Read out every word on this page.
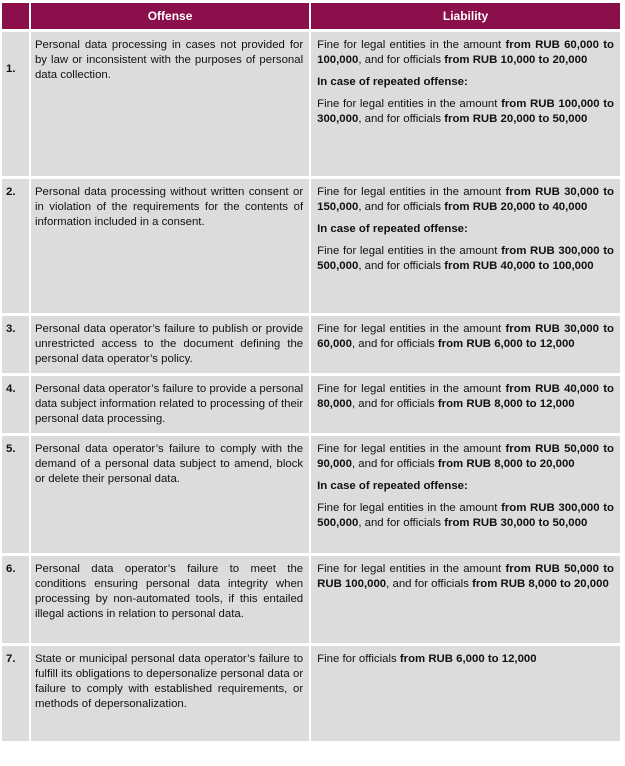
	Offense	Liability
1.	Personal data processing in cases not provided for by law or inconsistent with the purposes of personal data collection.	Fine for legal entities in the amount from RUB 60,000 to 100,000, and for officials from RUB 10,000 to 20,000
In case of repeated offense:
Fine for legal entities in the amount from RUB 100,000 to 300,000, and for officials from RUB 20,000 to 50,000

2.	Personal data processing without written consent or in violation of the requirements for the contents of information included in a consent.	Fine for legal entities in the amount from RUB 30,000 to 150,000, and for officials from RUB 20,000 to 40,000
In case of repeated offense:
Fine for legal entities in the amount from RUB 300,000 to 500,000, and for officials from RUB 40,000 to 100,000

3.	Personal data operator’s failure to publish or provide unrestricted access to the document defining the personal data operator’s policy.	Fine for legal entities in the amount from RUB 30,000 to 60,000, and for officials from RUB 6,000 to 12,000

4.	Personal data operator’s failure to provide a personal data subject information related to processing of their personal data processing.	Fine for legal entities in the amount from RUB 40,000 to 80,000, and for officials from RUB 8,000 to 12,000

5.	Personal data operator’s failure to comply with the demand of a personal data subject to amend, block or delete their personal data.	Fine for legal entities in the amount from RUB 50,000 to 90,000, and for officials from RUB 8,000 to 20,000
In case of repeated offense:
Fine for legal entities in the amount from RUB 300,000 to 500,000, and for officials from RUB 30,000 to 50,000

6.	Personal data operator’s failure to meet the conditions ensuring personal data integrity when processing by non-automated tools, if this entailed illegal actions in relation to personal data.	Fine for legal entities in the amount from RUB 50,000 to RUB 100,000, and for officials from RUB 8,000 to 20,000

7.	State or municipal personal data operator’s failure to fulfill its obligations to depersonalize personal data or failure to comply with established requirements, or methods of depersonalization.	Fine for officials from RUB 6,000 to 12,000
